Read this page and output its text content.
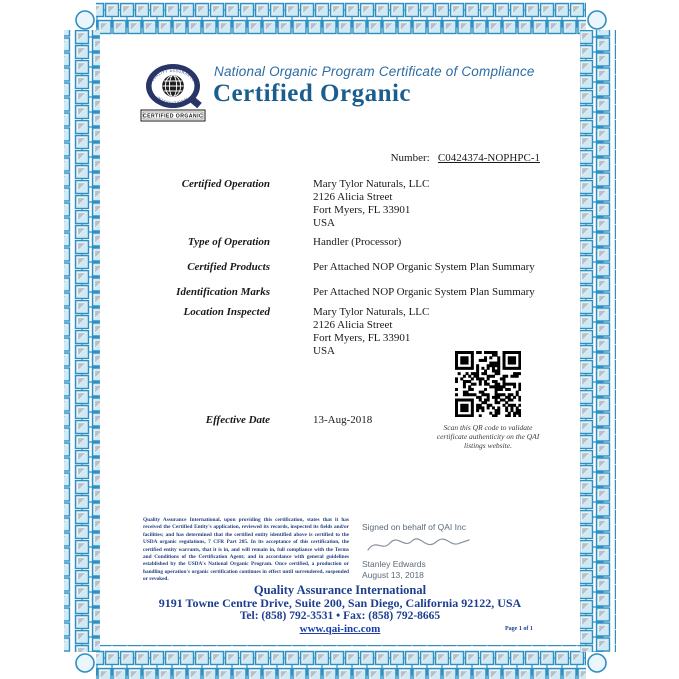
QUALITY ASSURANCE
INTERNATIONAL
CERTIFIED ORGANIC
National Organic Program Certificate of Compliance
Certified Organic
Number: C0424374-NOPHPC-1
Certified Operation	Mary Tylor Naturals, LLC
2126 Alicia Street
Fort Myers, FL 33901
USA
Type of Operation	Handler (Processor)
Certified Products	Per Attached NOP Organic System Plan Summary
Identification Marks	Per Attached NOP Organic System Plan Summary
Location Inspected	Mary Tylor Naturals, LLC
2126 Alicia Street
Fort Myers, FL 33901
USA
Effective Date	13-Aug-2018
Scan this QR code to validate certificate authenticity on the QAI listings website.
Quality Assurance International, upon providing this certification, states that it has received the Certified Entity's application, reviewed its records, inspected its fields and/or facilities; and has determined that the certified entity identified above is certified to the USDA organic regulations, 7 CFR Part 205. In its acceptance of this certification, the certified entity warrants, that it is in, and will remain in, full compliance with the Terms and Conditions of the Certification Agent; and in accordance with general guidelines established by the USDA's National Organic Program. Once certified, a production or handling operation's organic certification continues in effect until surrendered, suspended or revoked.
Signed on behalf of QAI Inc
Stanley Edwards
August 13, 2018
Quality Assurance International
9191 Towne Centre Drive, Suite 200, San Diego, California 92122, USA
Tel: (858) 792-3531 • Fax: (858) 792-8665
www.qai-inc.com	Page 1 of 1
